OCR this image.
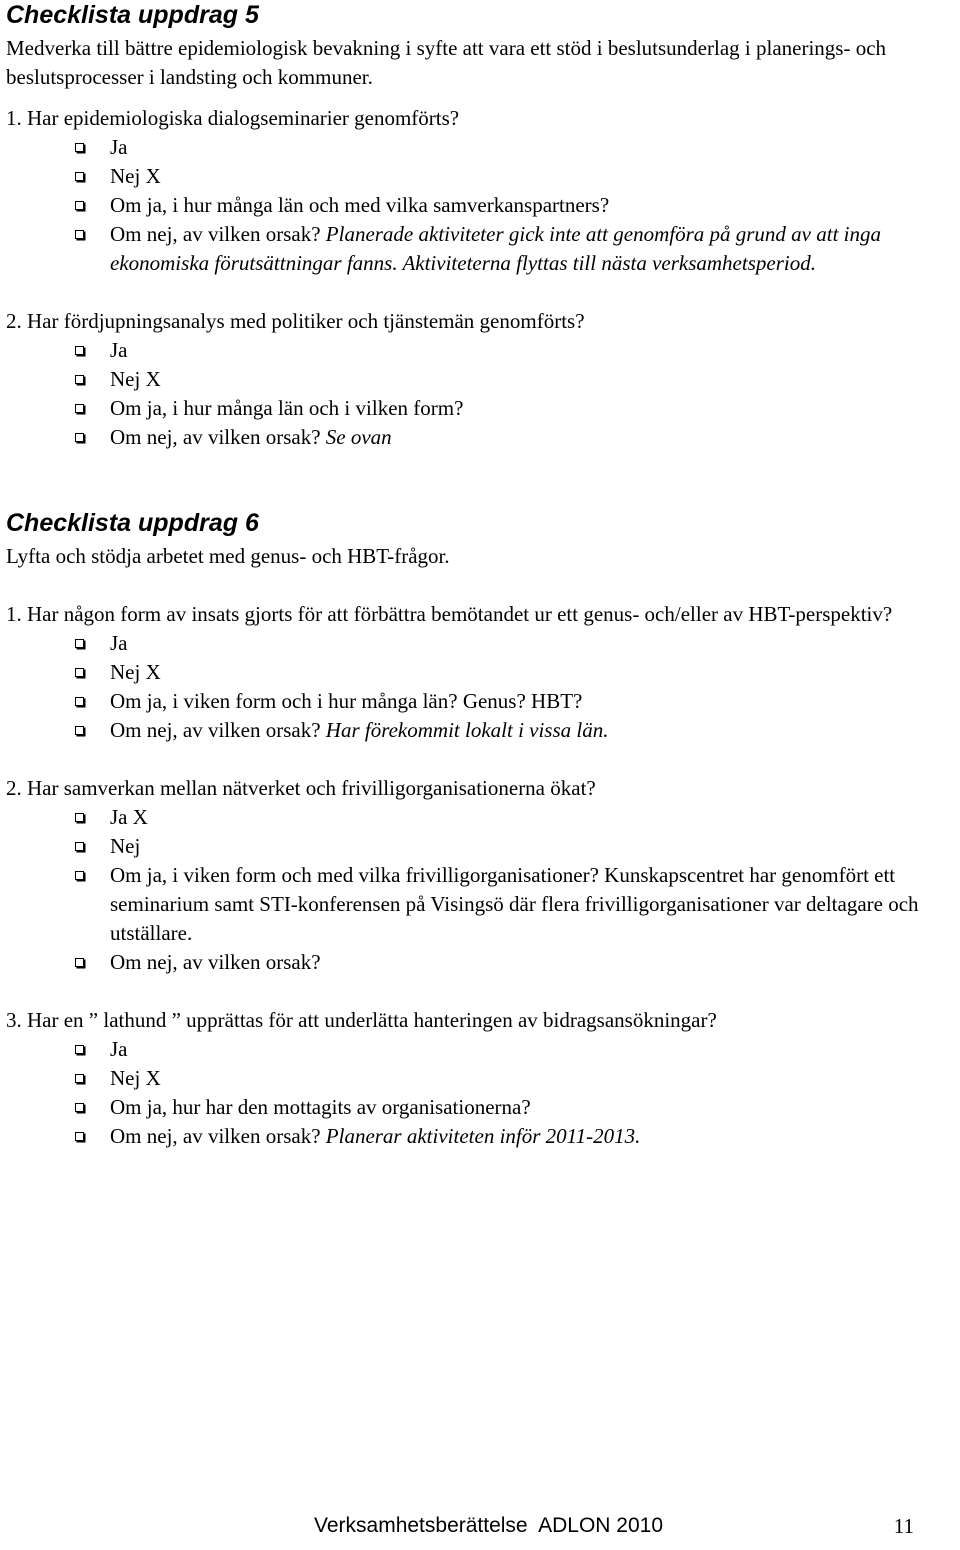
Checklista uppdrag 5

Medverka till bättre epidemiologisk bevakning i syfte att vara ett stöd i beslutsunderlag i planerings- och beslutsprocesser i landsting och kommuner.

1. Har epidemiologiska dialogseminarier genomförts?

Ja
Nej X
Om ja, i hur många län och med vilka samverkanspartners?
Om nej, av vilken orsak? Planerade aktiviteter gick inte att genomföra på grund av att inga ekonomiska förutsättningar fanns. Aktiviteterna flyttas till nästa verksamhetsperiod.

2. Har fördjupningsanalys med politiker och tjänstemän genomförts?

Ja
Nej X
Om ja, i hur många län och i vilken form?
Om nej, av vilken orsak? Se ovan
Checklista uppdrag 6

Lyfta och stödja arbetet med genus- och HBT-frågor.

1. Har någon form av insats gjorts för att förbättra bemötandet ur ett genus- och/eller av HBT-perspektiv?

Ja
Nej X
Om ja, i viken form och i hur många län? Genus? HBT?
Om nej, av vilken orsak? Har förekommit lokalt i vissa län.

2. Har samverkan mellan nätverket och frivilligorganisationerna ökat?

Ja X
Nej
Om ja, i viken form och med vilka frivilligorganisationer? Kunskapscentret har genomfört ett seminarium samt STI-konferensen på Visingsö där flera frivilligorganisationer var deltagare och utställare.
Om nej, av vilken orsak?

3. Har en ” lathund ” upprättas för att underlätta hanteringen av bidragsansökningar?

Ja
Nej X
Om ja, hur har den mottagits av organisationerna?
Om nej, av vilken orsak? Planerar aktiviteten inför 2011-2013.
Verksamhetsberättelse  ADLON 2010	11
